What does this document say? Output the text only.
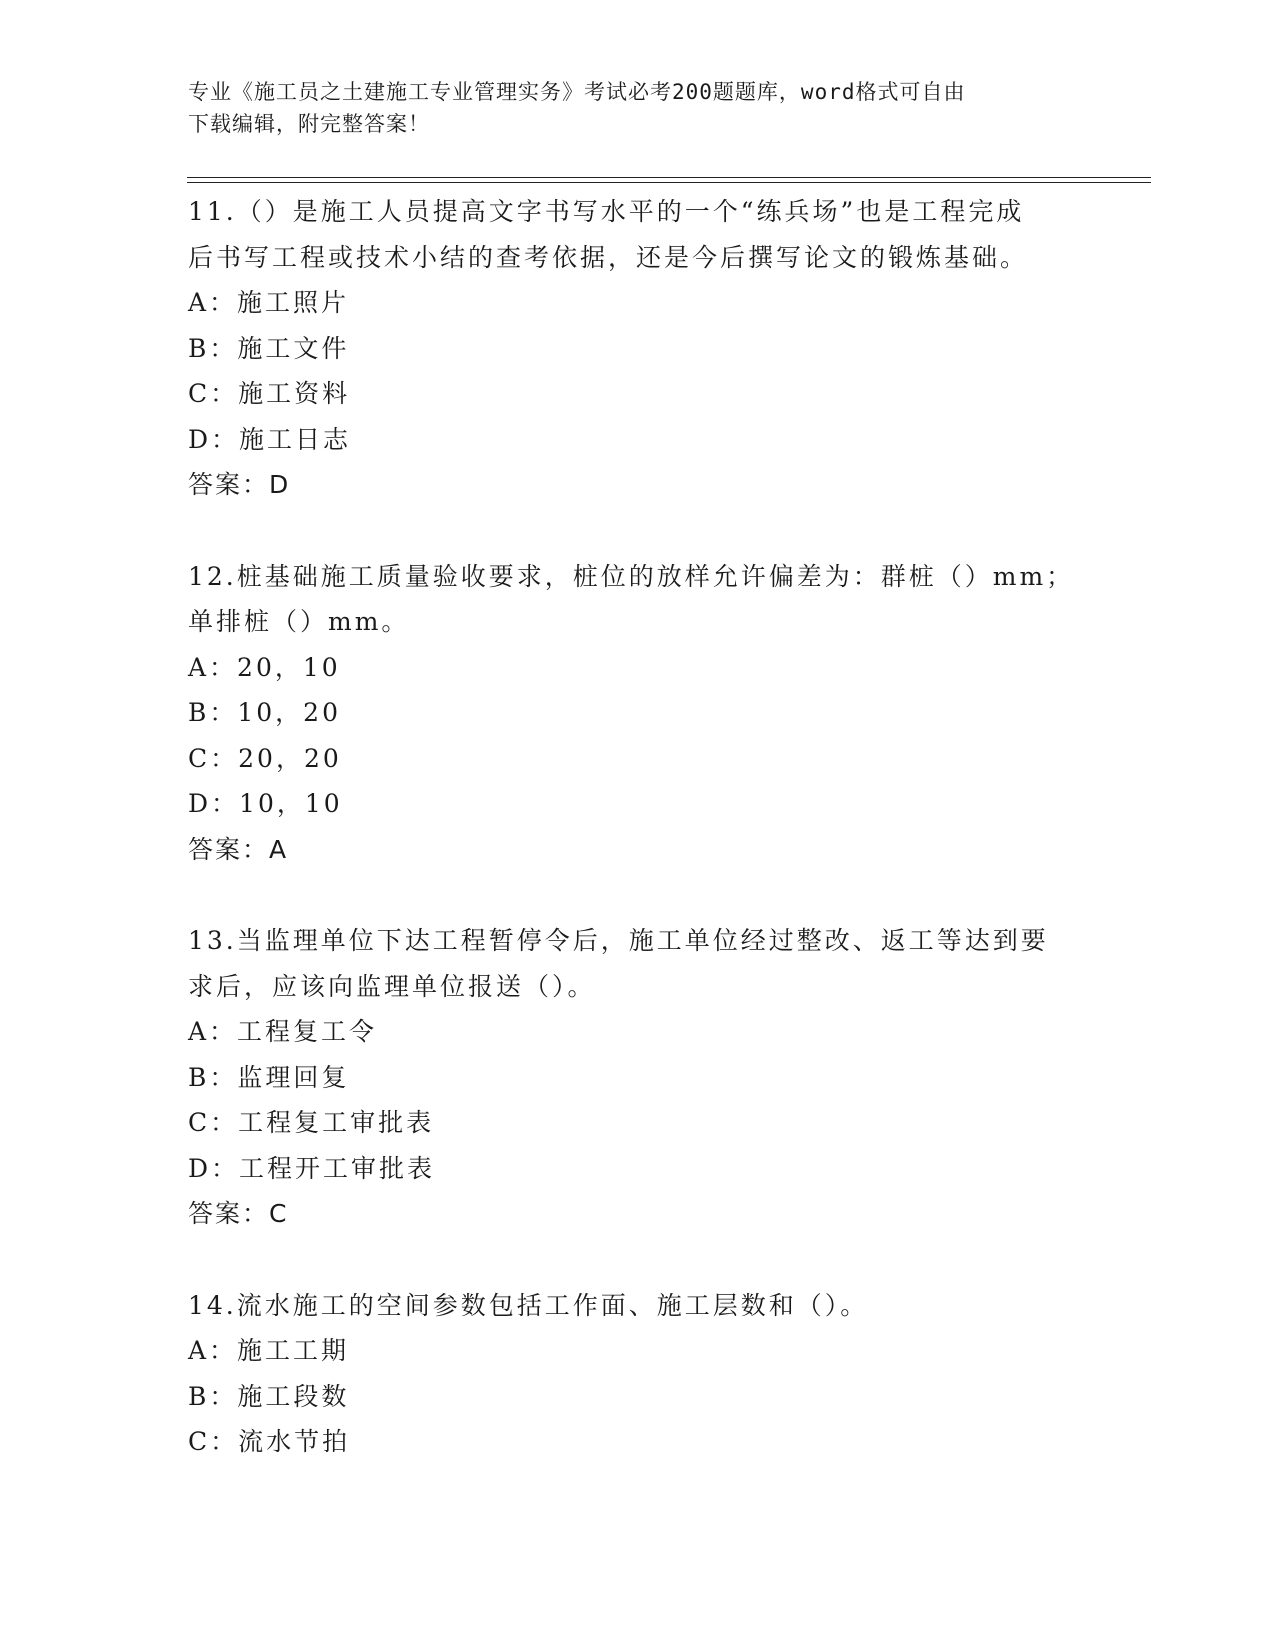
专业《施工员之土建施工专业管理实务》考试必考200题题库，word格式可自由

下载编辑，附完整答案！

11.（）是施工人员提高文字书写水平的一个“练兵场”也是工程完成

后书写工程或技术小结的查考依据，还是今后撰写论文的锻炼基础。

A：施工照片

B：施工文件

C：施工资料

D：施工日志

答案：D

12.桩基础施工质量验收要求，桩位的放样允许偏差为：群桩（）mm；

单排桩（）mm。

A：20，10

B：10，20

C：20，20

D：10，10

答案：A

13.当监理单位下达工程暂停令后，施工单位经过整改、返工等达到要

求后，应该向监理单位报送（）。

A：工程复工令

B：监理回复

C：工程复工审批表

D：工程开工审批表

答案：C

14.流水施工的空间参数包括工作面、施工层数和（）。

A：施工工期

B：施工段数

C：流水节拍
